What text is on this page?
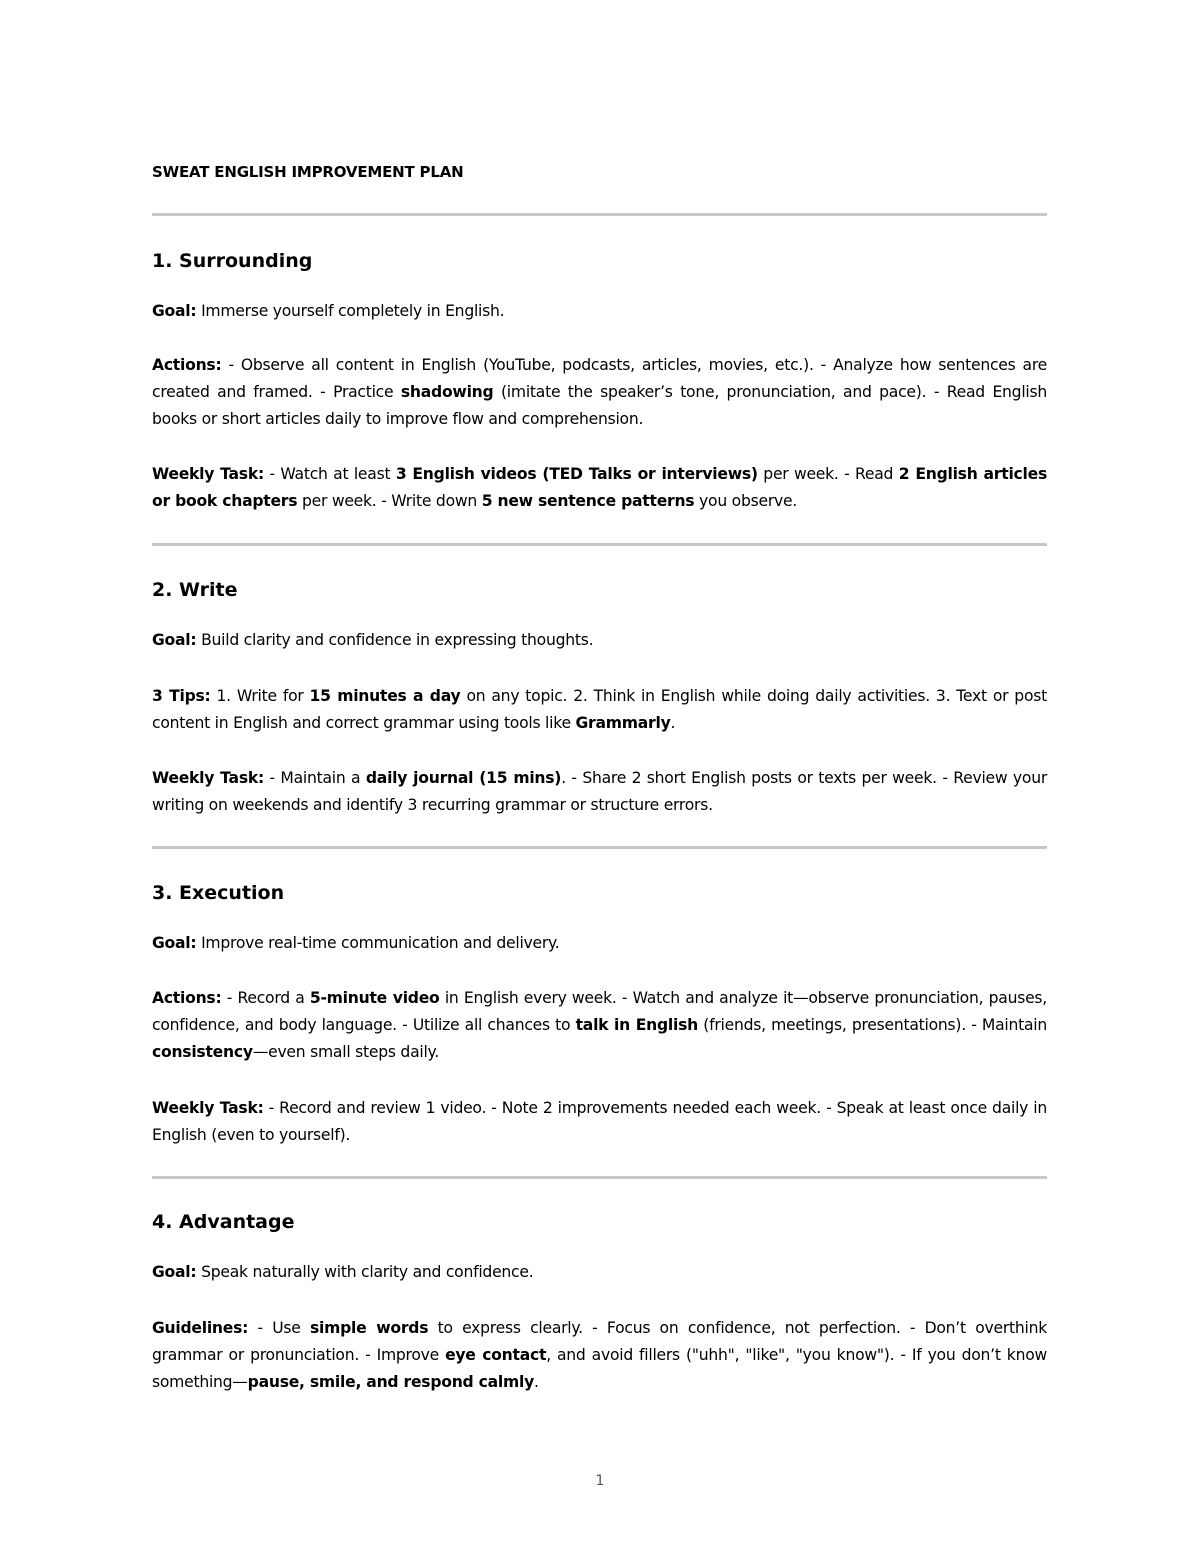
SWEAT ENGLISH IMPROVEMENT PLAN
1. Surrounding
Goal: Immerse yourself completely in English.
Actions: - Observe all content in English (YouTube, podcasts, articles, movies, etc.). - Analyze how sentences are created and framed. - Practice shadowing (imitate the speaker’s tone, pronunciation, and pace). - Read English books or short articles daily to improve flow and comprehension.
Weekly Task: - Watch at least 3 English videos (TED Talks or interviews) per week. - Read 2 English articles or book chapters per week. - Write down 5 new sentence patterns you observe.
2. Write
Goal: Build clarity and confidence in expressing thoughts.
3 Tips: 1. Write for 15 minutes a day on any topic. 2. Think in English while doing daily activities. 3. Text or post content in English and correct grammar using tools like Grammarly.
Weekly Task: - Maintain a daily journal (15 mins). - Share 2 short English posts or texts per week. - Review your writing on weekends and identify 3 recurring grammar or structure errors.
3. Execution
Goal: Improve real-time communication and delivery.
Actions: - Record a 5-minute video in English every week. - Watch and analyze it—observe pronunciation, pauses, confidence, and body language. - Utilize all chances to talk in English (friends, meetings, presentations). - Maintain consistency—even small steps daily.
Weekly Task: - Record and review 1 video. - Note 2 improvements needed each week. - Speak at least once daily in English (even to yourself).
4. Advantage
Goal: Speak naturally with clarity and confidence.
Guidelines: - Use simple words to express clearly. - Focus on confidence, not perfection. - Don’t overthink grammar or pronunciation. - Improve eye contact, and avoid fillers ("uhh", "like", "you know"). - If you don’t know something—pause, smile, and respond calmly.
1
